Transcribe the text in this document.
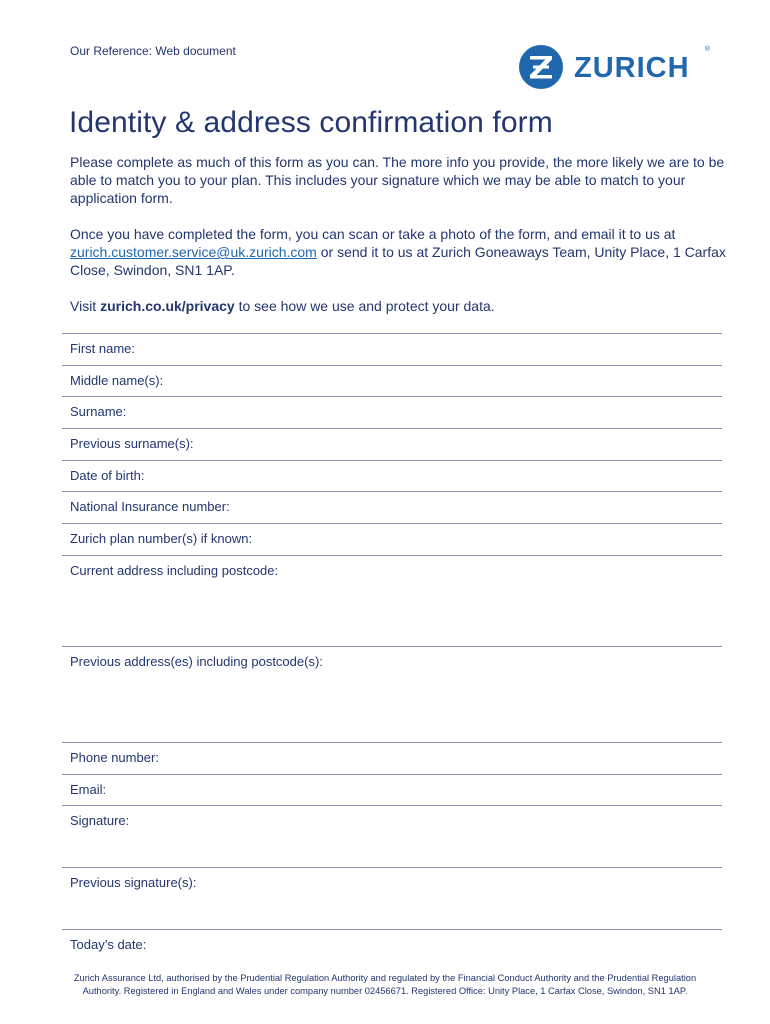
Our Reference: Web document
ZURICH
®
Identity & address confirmation form

Please complete as much of this form as you can. The more info you provide, the more likely we are to be able to match you to your plan. This includes your signature which we may be able to match to your application form.

Once you have completed the form, you can scan or take a photo of the form, and email it to us at zurich.customer.service@uk.zurich.com or send it to us at Zurich Goneaways Team, Unity Place, 1 Carfax Close, Swindon, SN1 1AP.

Visit zurich.co.uk/privacy to see how we use and protect your data.

First name:
Middle name(s):
Surname:
Previous surname(s):
Date of birth:
National Insurance number:
Zurich plan number(s) if known:
Current address including postcode:
Previous address(es) including postcode(s):
Phone number:
Email:
Signature:
Previous signature(s):
Today’s date:
Zurich Assurance Ltd, authorised by the Prudential Regulation Authority and regulated by the Financial Conduct Authority and the Prudential Regulation
Authority. Registered in England and Wales under company number 02456671. Registered Office: Unity Place, 1 Carfax Close, Swindon, SN1 1AP.
